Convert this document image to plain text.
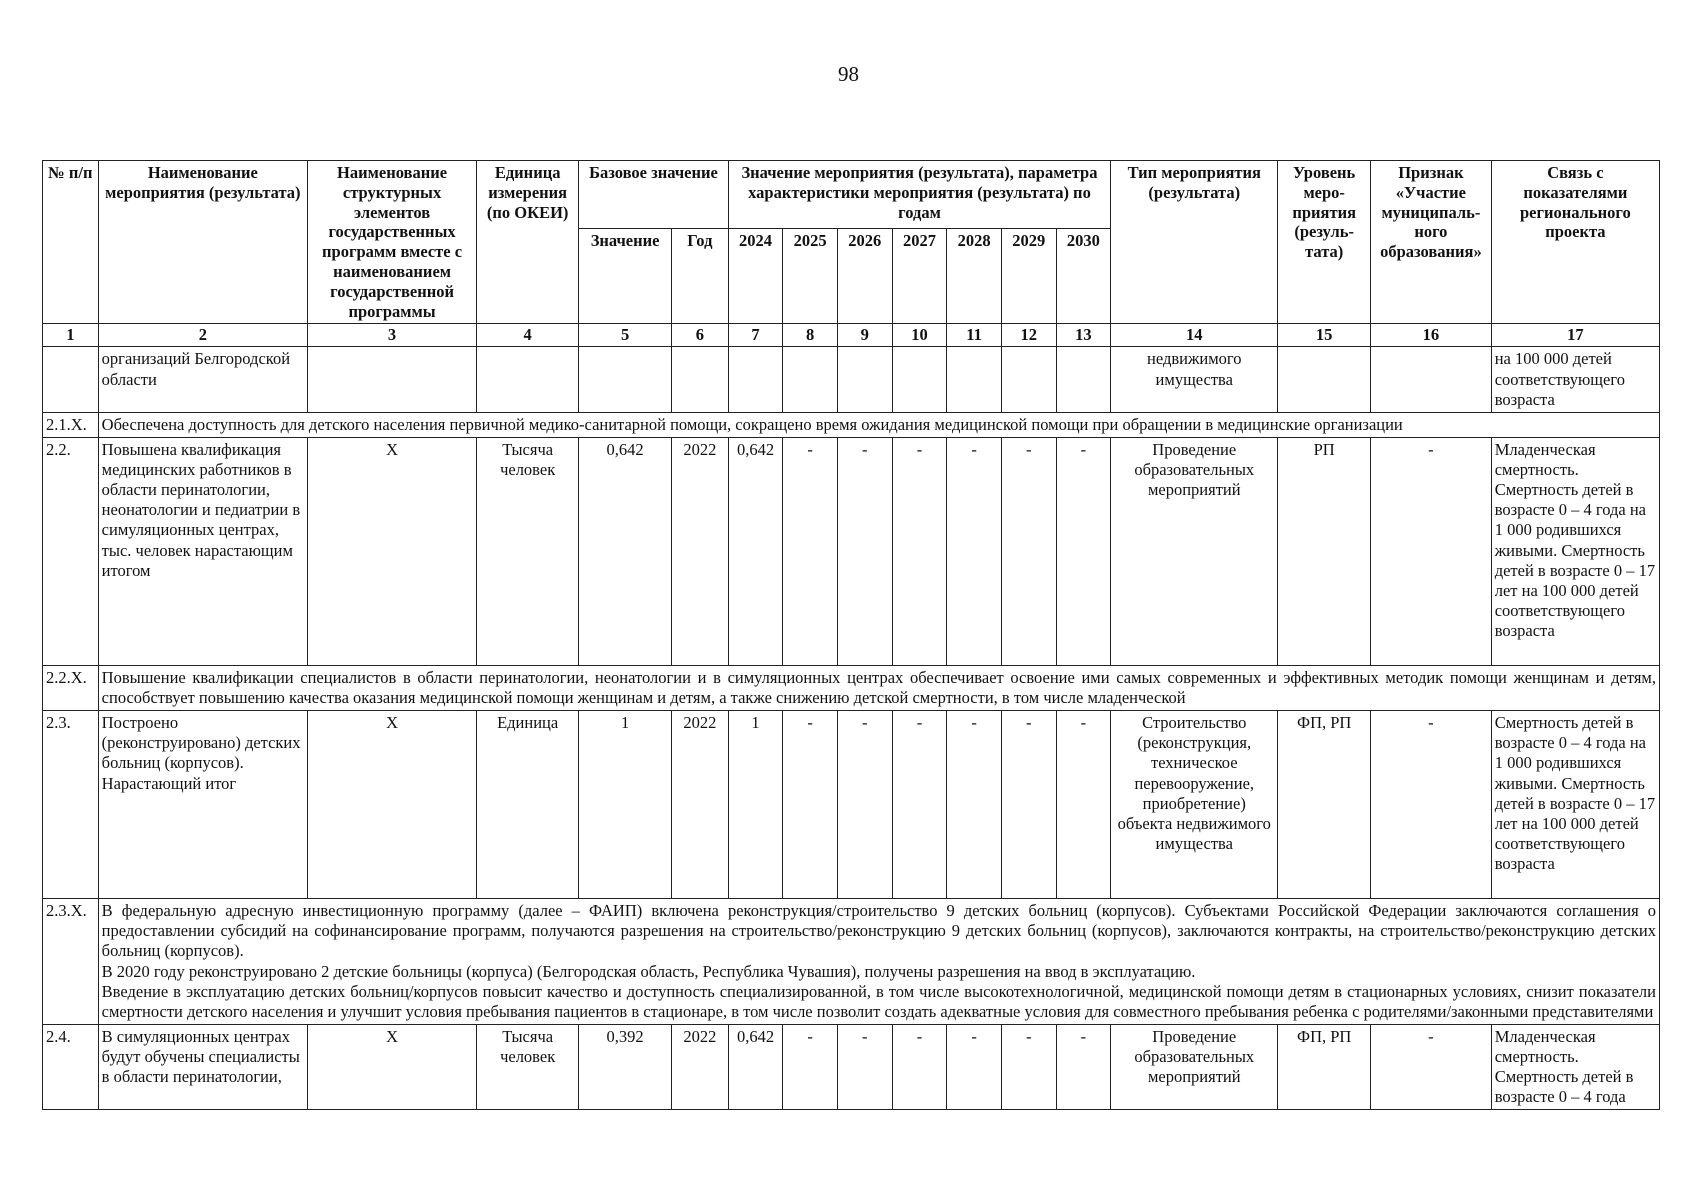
98
№ п/п	Наименование мероприятия (результата)	Наименование структурных элементов государственных программ вместе с наименованием государственной программы	Единица измерения (по ОКЕИ)	Базовое значение		Значение мероприятия (результата), параметра характеристики мероприятия (результата) по годам							Тип мероприятия (результата)	Уровень меро-приятия (резуль-тата)	Признак «Участие муниципаль-ного образования»	Связь с показателями регионального проекта
				Значение	Год	2024	2025	2026	2027	2028	2029	2030				
1	2	3	4	5	6	7	8	9	10	11	12	13	14	15	16	17
	организаций Белгородской области												недвижимого имущества			на 100 000 детей соответствующего возраста
2.1.X.	Обеспечена доступность для детского населения первичной медико-санитарной помощи, сокращено время ожидания медицинской помощи при обращении в медицинские организации															
2.2.	Повышена квалификация медицинских работников в области перинатологии, неонатологии и педиатрии в симуляционных центрах, тыс. человек нарастающим итогом	X	Тысяча человек	0,642	2022	0,642	-	-	-	-	-	-	Проведение образовательных мероприятий	РП	-	Младенческая смертность. Смертность детей в возрасте 0 – 4 года на 1 000 родившихся живыми. Смертность детей в возрасте 0 – 17 лет на 100 000 детей соответствующего возраста
2.2.X.	Повышение квалификации специалистов в области перинатологии, неонатологии и в симуляционных центрах обеспечивает освоение ими самых современных и эффективных методик помощи женщинам и детям, способствует повышению качества оказания медицинской помощи женщинам и детям, а также снижению детской смертности, в том числе младенческой															
2.3.	Построено (реконструировано) детских больниц (корпусов). Нарастающий итог	X	Единица	1	2022	1	-	-	-	-	-	-	Строительство (реконструкция, техническое перевооружение, приобретение) объекта недвижимого имущества	ФП, РП	-	Смертность детей в возрасте 0 – 4 года на 1 000 родившихся живыми. Смертность детей в возрасте 0 – 17 лет на 100 000 детей соответствующего возраста
2.3.X.	В федеральную адресную инвестиционную программу (далее – ФАИП) включена реконструкция/строительство 9 детских больниц (корпусов). Субъектами Российской Федерации заключаются соглашения о предоставлении субсидий на софинансирование программ, получаются разрешения на строительство/реконструкцию 9 детских больниц (корпусов), заключаются контракты, на строительство/реконструкцию детских больниц (корпусов).
В 2020 году реконструировано 2 детские больницы (корпуса) (Белгородская область, Республика Чувашия), получены разрешения на ввод в эксплуатацию.
Введение в эксплуатацию детских больниц/корпусов повысит качество и доступность специализированной, в том числе высокотехнологичной, медицинской помощи детям в стационарных условиях, снизит показатели смертности детского населения и улучшит условия пребывания пациентов в стационаре, в том числе позволит создать адекватные условия для совместного пребывания ребенка с родителями/законными представителями															

2.4.	В симуляционных центрах будут обучены специалисты в области перинатологии,	X	Тысяча человек	0,392	2022	0,642	-	-	-	-	-	-	Проведение образовательных мероприятий	ФП, РП	-	Младенческая смертность. Смертность детей в возрасте 0 – 4 года
